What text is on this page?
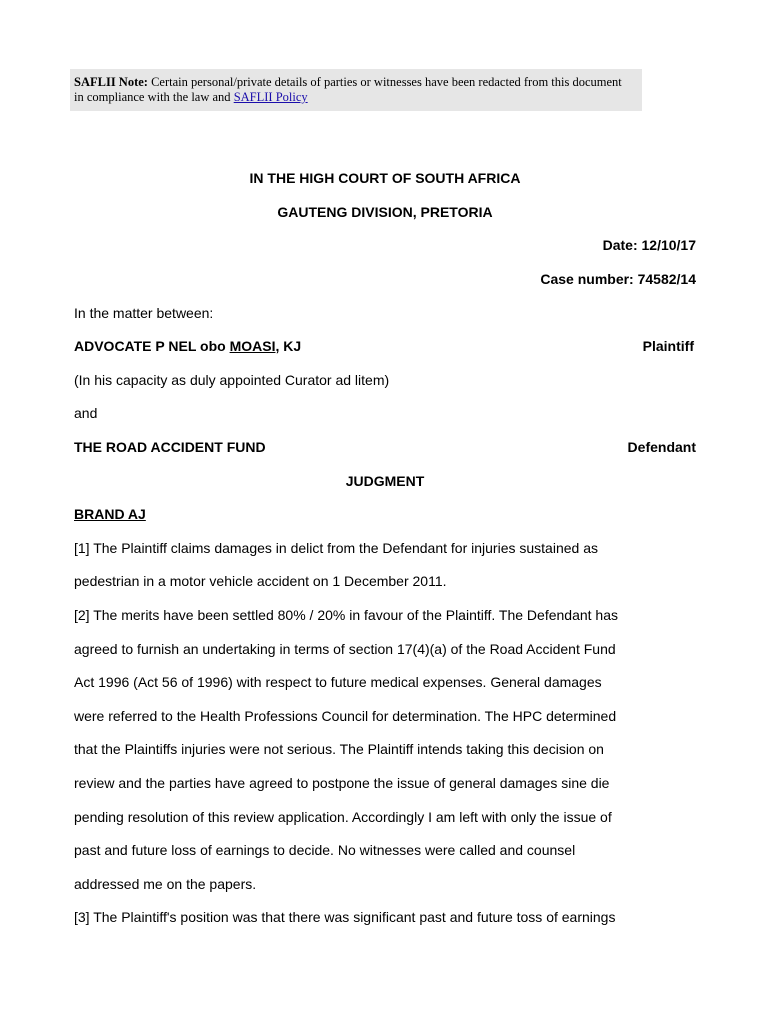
SAFLII Note: Certain personal/private details of parties or witnesses have been redacted from this document
in compliance with the law and SAFLII Policy
IN THE HIGH COURT OF SOUTH AFRICA
GAUTENG DIVISION, PRETORIA
Date: 12/10/17
Case number: 74582/14
In the matter between:
ADVOCATE P NEL obo MOASI, KJ	Plaintiff
(In his capacity as duly appointed Curator ad litem)
and
THE ROAD ACCIDENT FUND	Defendant
JUDGMENT
BRAND AJ
[1] The Plaintiff claims damages in delict from the Defendant for injuries sustained as
pedestrian in a motor vehicle accident on 1 December 2011.
[2] The merits have been settled 80% / 20% in favour of the Plaintiff. The Defendant has
agreed to furnish an undertaking in terms of section 17(4)(a) of the Road Accident Fund
Act 1996 (Act 56 of 1996) with respect to future medical expenses. General damages
were referred to the Health Professions Council for determination. The HPC determined
that the Plaintiffs injuries were not serious. The Plaintiff intends taking this decision on
review and the parties have agreed to postpone the issue of general damages sine die
pending resolution of this review application. Accordingly I am left with only the issue of
past and future loss of earnings to decide. No witnesses were called and counsel
addressed me on the papers.
[3] The Plaintiff's position was that there was significant past and future toss of earnings
